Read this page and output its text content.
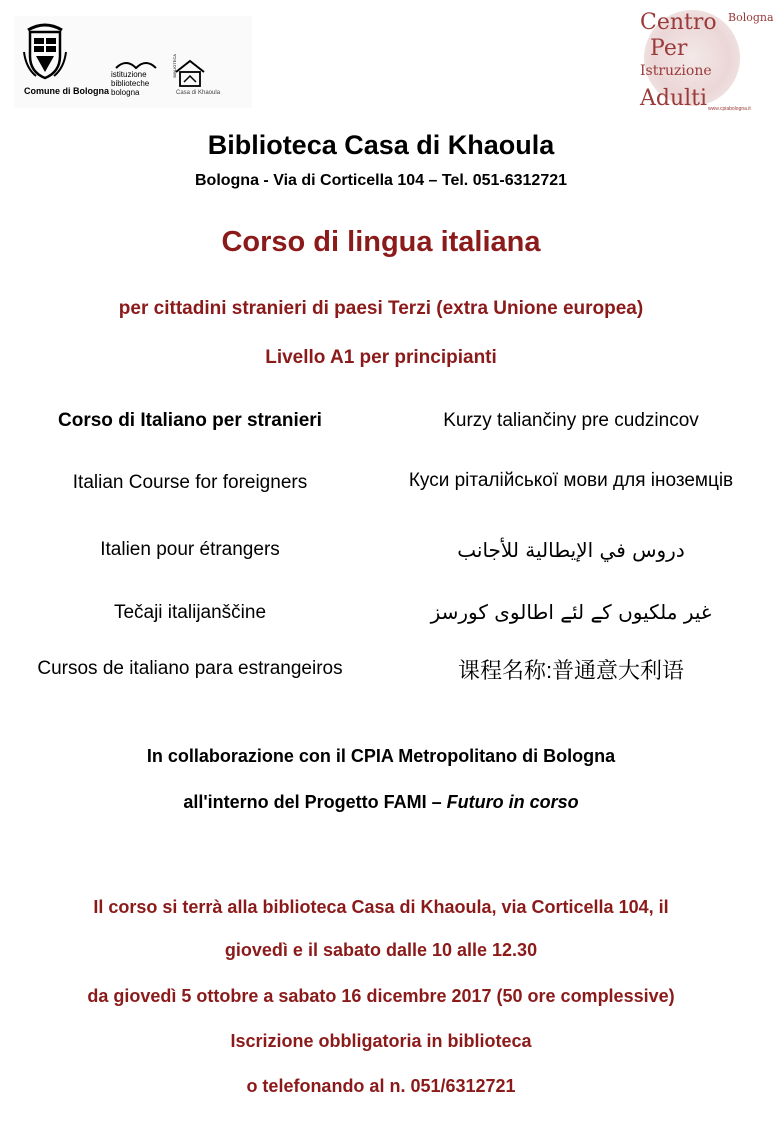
Comune di Bologna
istituzione
biblioteche
bologna
BIBLIOTECA
Casa di Khaoula
Centro
Per
Istruzione
Adulti
Bologna
www.cpiabologna.it
Biblioteca Casa di Khaoula
Bologna - Via di Corticella 104 – Tel. 051-6312721
Corso di lingua italiana
per cittadini stranieri di paesi Terzi (extra Unione europea)
Livello A1 per principianti
Corso di Italiano per stranieri	Kurzy taliančiny pre cudzincov
Italian Course for foreigners	Куси ріталійської мови для іноземців
Italien pour étrangers	دروس في الإيطالية للأجانب
Tečaji italijanščine	غیر ملکیوں کے لئے اطالوی کورسز
Cursos de italiano para estrangeiros	课程名称:普通意大利语
In collaborazione con il CPIA Metropolitano di Bologna
all'interno del Progetto FAMI – Futuro in corso
Il corso si terrà alla biblioteca Casa di Khaoula, via Corticella 104, il
giovedì e il sabato dalle 10 alle 12.30
da giovedì 5 ottobre a sabato 16 dicembre 2017 (50 ore complessive)
Iscrizione obbligatoria in biblioteca
o telefonando al n. 051/6312721
